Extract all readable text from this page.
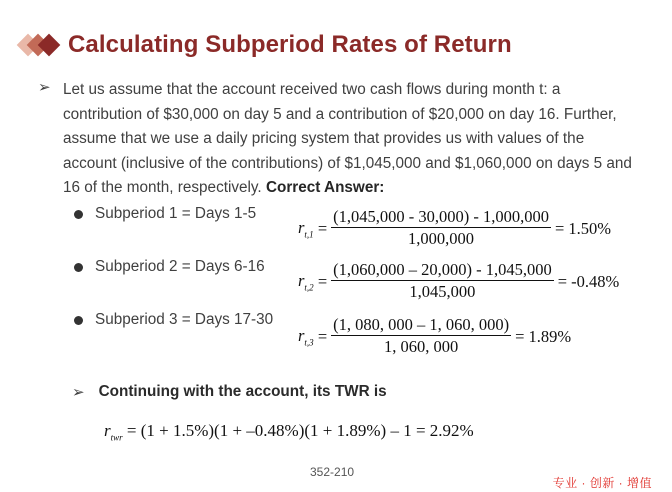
Calculating Subperiod Rates of Return
➢ Let us assume that the account received two cash flows during month t: a contribution of $30,000 on day 5 and a contribution of $20,000 on day 16. Further, assume that we use a daily pricing system that provides us with values of the account (inclusive of the contributions) of $1,045,000 and $1,060,000 on days 5 and 16 of the month, respectively. Correct Answer:
Subperiod 1 = Days 1-5
$r_{t,1} = \frac{(1,045,000 - 30,000) - 1,000,000}{1,000,000} = 1.50\%$
Subperiod 2 = Days 6-16
$r_{t,2} = \frac{(1,060,000 - 20,000) - 1,045,000}{1,045,000} = -0.48\%$
Subperiod 3 = Days 17-30
$r_{t,3} = \frac{(1, 080, 000 - 1, 060, 000)}{1, 060, 000} = 1.89\%$
➢ Continuing with the account, its TWR is
$r_{twr} = (1 + 1.5\%)(1 + -0.48\%)(1 + 1.89\%) - 1 = 2.92\%$
352-210
专业 · 创新 · 增值
